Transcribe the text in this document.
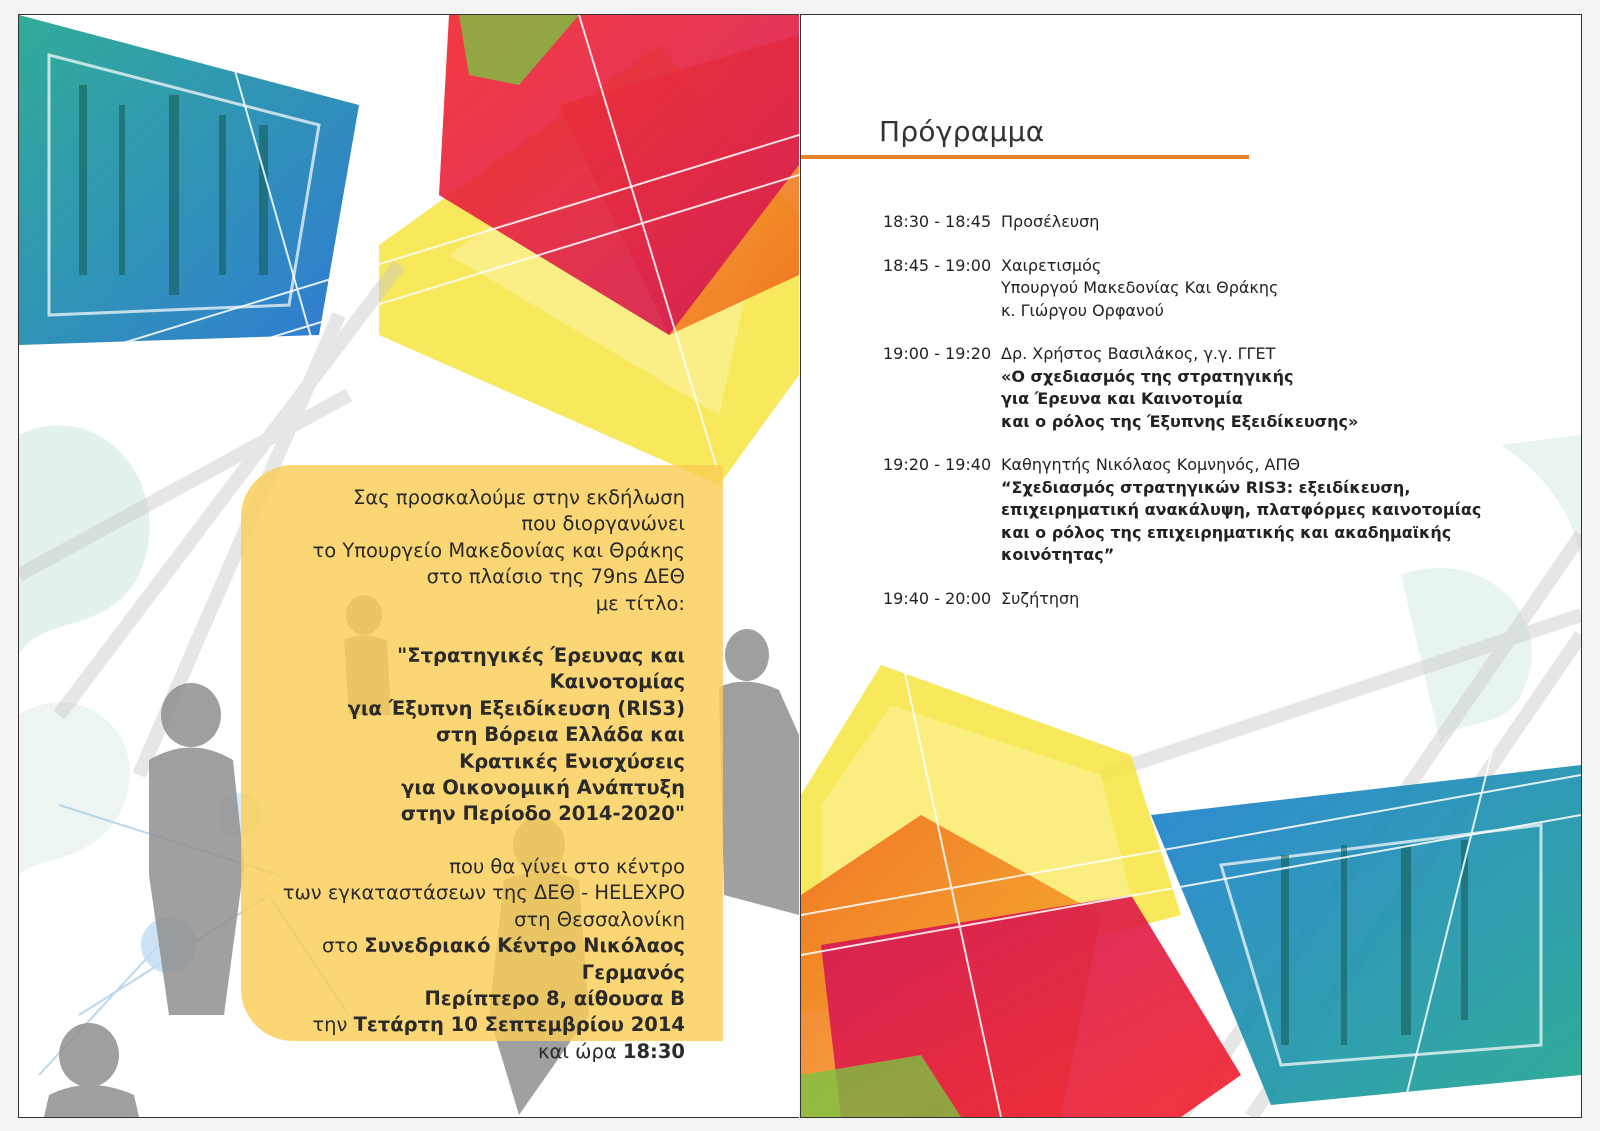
Σας προσκαλούμε στην εκδήλωση
που διοργανώνει
το Υπουργείο Μακεδονίας και Θράκης
στο πλαίσιο της 79ns ΔΕΘ
με τίτλο:
"Στρατηγικές Έρευνας και Καινοτομίας
για Έξυπνη Εξειδίκευση (RIS3)
στη Βόρεια Ελλάδα και
Κρατικές Ενισχύσεις
για Οικονομική Ανάπτυξη
στην Περίοδο 2014-2020"
που θα γίνει στο κέντρο
των εγκαταστάσεων της ΔΕΘ - HELEXPO
στη Θεσσαλονίκη
στο Συνεδριακό Κέντρο Νικόλαος Γερμανός
Περίπτερο 8, αίθουσα Β
την Τετάρτη 10 Σεπτεμβρίου 2014
και ώρα 18:30
Πρόγραμμα
18:30 - 18:45 Προσέλευση
18:45 - 19:00 Χαιρετισμός
Υπουργού Μακεδονίας Και Θράκης
κ. Γιώργου Ορφανού
19:00 - 19:20 Δρ. Χρήστος Βασιλάκος, γ.γ. ΓΓΕΤ
«Ο σχεδιασμός της στρατηγικής
για Έρευνα και Καινοτομία
και ο ρόλος της Έξυπνης Εξειδίκευσης»
19:20 - 19:40 Καθηγητής Νικόλαος Κομνηνός, ΑΠΘ
“Σχεδιασμός στρατηγικών RIS3: εξειδίκευση,
επιχειρηματική ανακάλυψη, πλατφόρμες καινοτομίας
και ο ρόλος της επιχειρηματικής και ακαδημαϊκής κοινότητας”
19:40 - 20:00 Συζήτηση
